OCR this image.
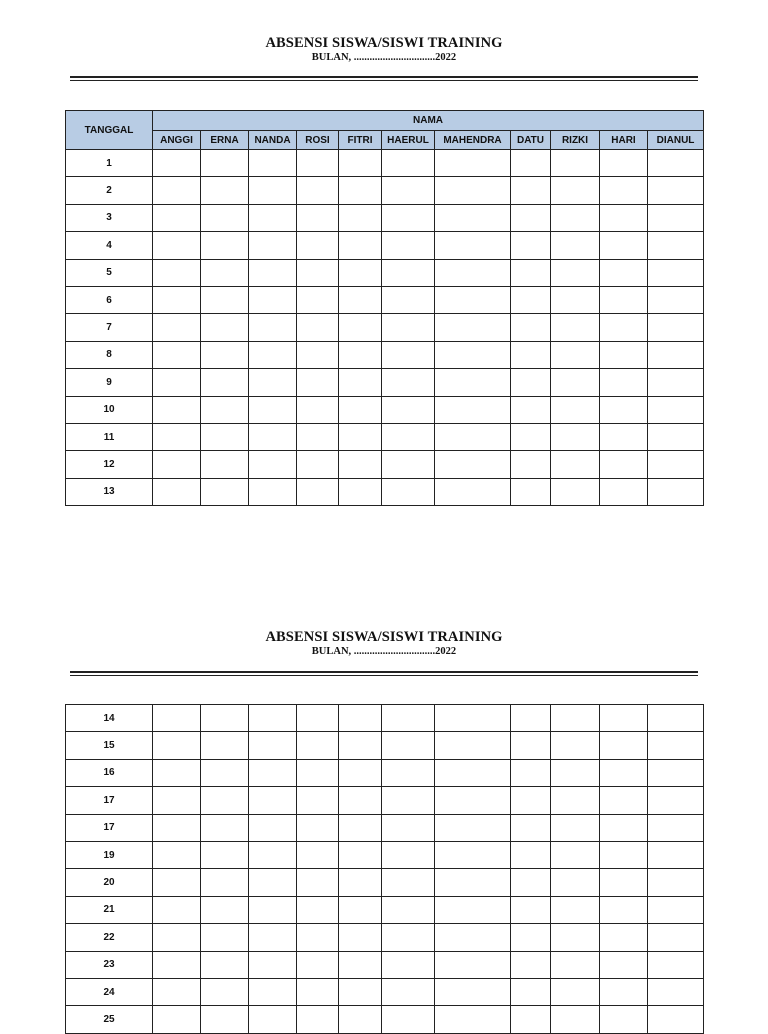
ABSENSI SISWA/SISWI TRAINING
BULAN, ...............................2022
TANGGAL	NAMA										
	ANGGI	ERNA	NANDA	ROSI	FITRI	HAERUL	MAHENDRA	DATU	RIZKI	HARI	DIANUL
1											
2											
3											
4											
5											
6											
7											
8											
9											
10											
11											
12											
13											
ABSENSI SISWA/SISWI TRAINING
BULAN, ...............................2022
14											
15											
16											
17											
17											
19											
20											
21											
22											
23											
24											
25											
